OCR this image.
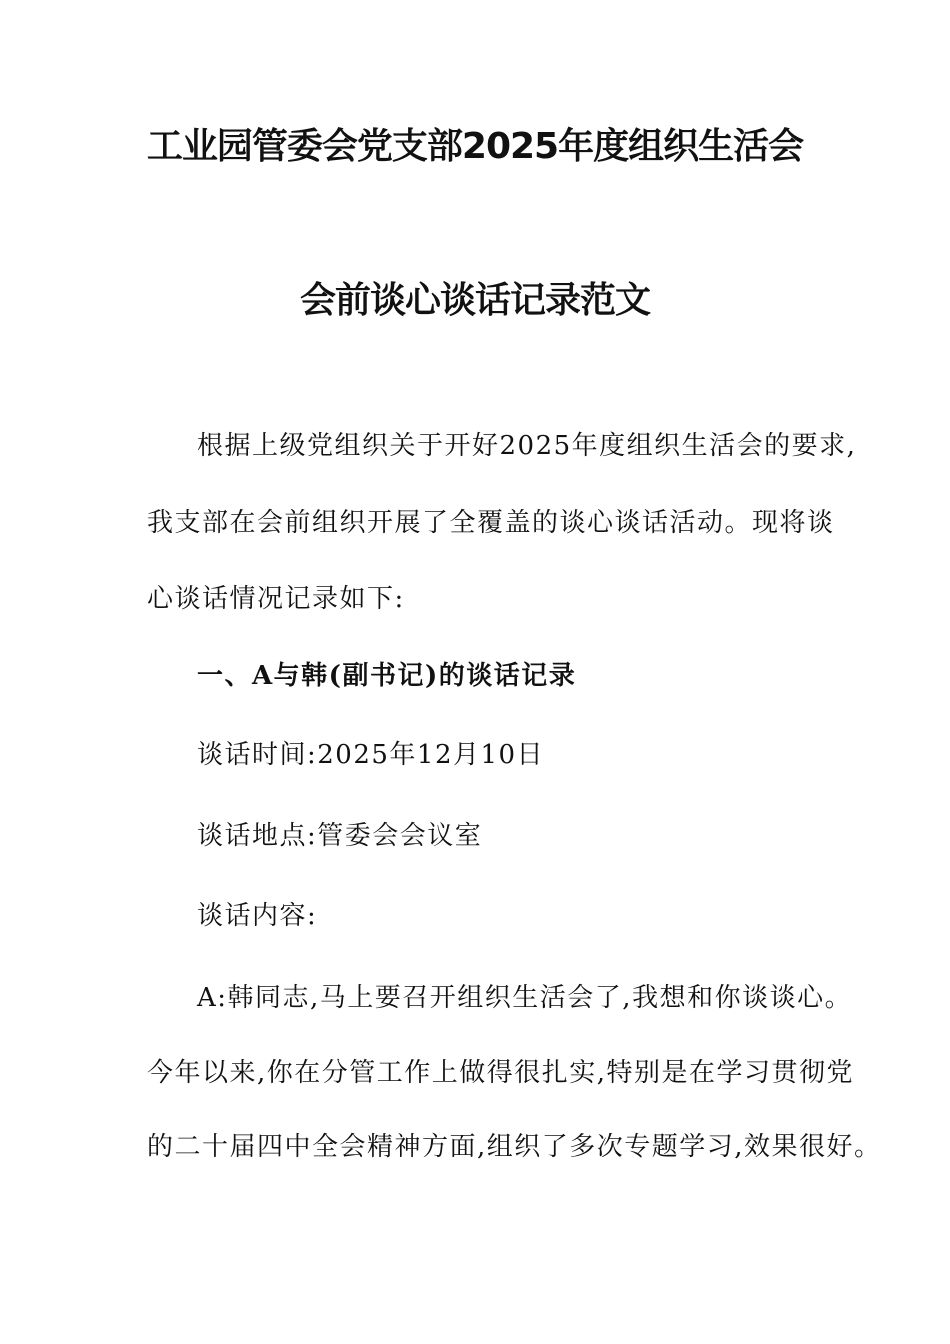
工业园管委会党支部2025年度组织生活会
会前谈心谈话记录范文
根据上级党组织关于开好2025年度组织生活会的要求,
我支部在会前组织开展了全覆盖的谈心谈话活动。现将谈
心谈话情况记录如下:
一、A与韩(副书记)的谈话记录
谈话时间:2025年12月10日
谈话地点:管委会会议室
谈话内容:
A:韩同志,马上要召开组织生活会了,我想和你谈谈心。
今年以来,你在分管工作上做得很扎实,特别是在学习贯彻党
的二十届四中全会精神方面,组织了多次专题学习,效果很好。
